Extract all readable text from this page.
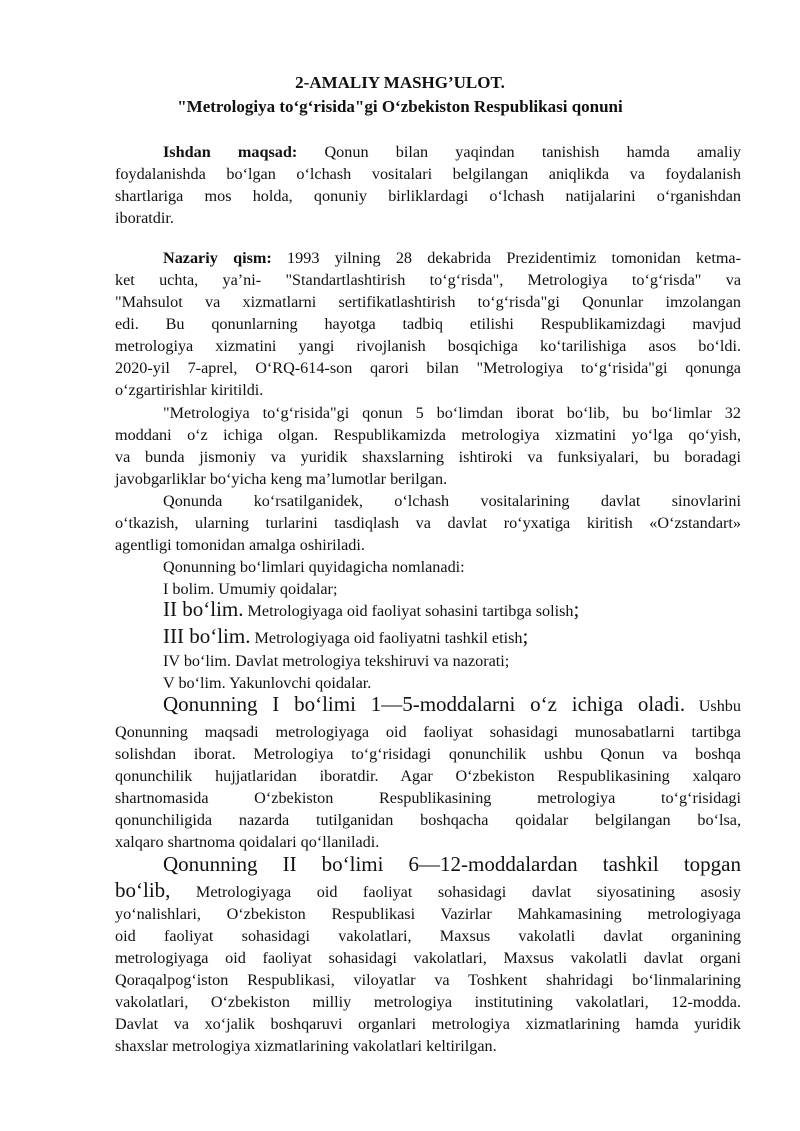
2-AMALIY MASHG’ULOT.

"Metrologiya to‘g‘risida"gi O‘zbekiston Respublikasi qonuni

Ishdan maqsad: Qonun bilan yaqindan tanishish hamda amaliy

foydalanishda bo‘lgan o‘lchash vositalari belgilangan aniqlikda va foydalanish

shartlariga mos holda, qonuniy birliklardagi o‘lchash natijalarini o‘rganishdan

iboratdir.

Nazariy qism: 1993 yilning 28 dekabrida Prezidentimiz tomonidan ketma-

ket uchta, ya’ni- "Standartlashtirish to‘g‘risda", Metrologiya to‘g‘risda" va

"Mahsulot va xizmatlarni sertifikatlashtirish to‘g‘risda"gi Qonunlar imzolangan

edi. Bu qonunlarning hayotga tadbiq etilishi Respublikamizdagi mavjud

metrologiya xizmatini yangi rivojlanish bosqichiga ko‘tarilishiga asos bo‘ldi.

2020-yil 7-aprel, O‘RQ-614-son qarori bilan "Metrologiya to‘g‘risida"gi qonunga

o‘zgartirishlar kiritildi.

"Metrologiya to‘g‘risida"gi qonun 5 bo‘limdan iborat bo‘lib, bu bo‘limlar 32

moddani o‘z ichiga olgan. Respublikamizda metrologiya xizmatini yo‘lga qo‘yish,

va bunda jismoniy va yuridik shaxslarning ishtiroki va funksiyalari, bu boradagi

javobgarliklar bo‘yicha keng ma’lumotlar berilgan.

Qonunda ko‘rsatilganidek, o‘lchash vositalarining davlat sinovlarini

o‘tkazish, ularning turlarini tasdiqlash va davlat ro‘yxatiga kiritish «O‘zstandart»

agentligi tomonidan amalga oshiriladi.

Qonunning bo‘limlari quyidagicha nomlanadi:

I bolim. Umumiy qoidalar;

II bo‘lim. Metrologiyaga oid faoliyat sohasini tartibga solish;

III bo‘lim. Metrologiyaga oid faoliyatni tashkil etish;

IV bo‘lim. Davlat metrologiya tekshiruvi va nazorati;

V bo‘lim. Yakunlovchi qoidalar.

Qonunning I bo‘limi 1—5-moddalarni o‘z ichiga oladi. Ushbu

Qonunning maqsadi metrologiyaga oid faoliyat sohasidagi munosabatlarni tartibga

solishdan iborat. Metrologiya to‘g‘risidagi qonunchilik ushbu Qonun va boshqa

qonunchilik hujjatlaridan iboratdir. Agar O‘zbekiston Respublikasining xalqaro

shartnomasida O‘zbekiston Respublikasining metrologiya to‘g‘risidagi

qonunchiligida nazarda tutilganidan boshqacha qoidalar belgilangan bo‘lsa,

xalqaro shartnoma qoidalari qo‘llaniladi.

Qonunning II bo‘limi 6—12-moddalardan tashkil topgan

bo‘lib, Metrologiyaga oid faoliyat sohasidagi davlat siyosatining asosiy

yo‘nalishlari, O‘zbekiston Respublikasi Vazirlar Mahkamasining metrologiyaga

oid faoliyat sohasidagi vakolatlari, Maxsus vakolatli davlat organining

metrologiyaga oid faoliyat sohasidagi vakolatlari, Maxsus vakolatli davlat organi

Qoraqalpog‘iston Respublikasi, viloyatlar va Toshkent shahridagi bo‘linmalarining

vakolatlari, O‘zbekiston milliy metrologiya institutining vakolatlari, 12-modda.

Davlat va xo‘jalik boshqaruvi organlari metrologiya xizmatlarining hamda yuridik

shaxslar metrologiya xizmatlarining vakolatlari keltirilgan.
